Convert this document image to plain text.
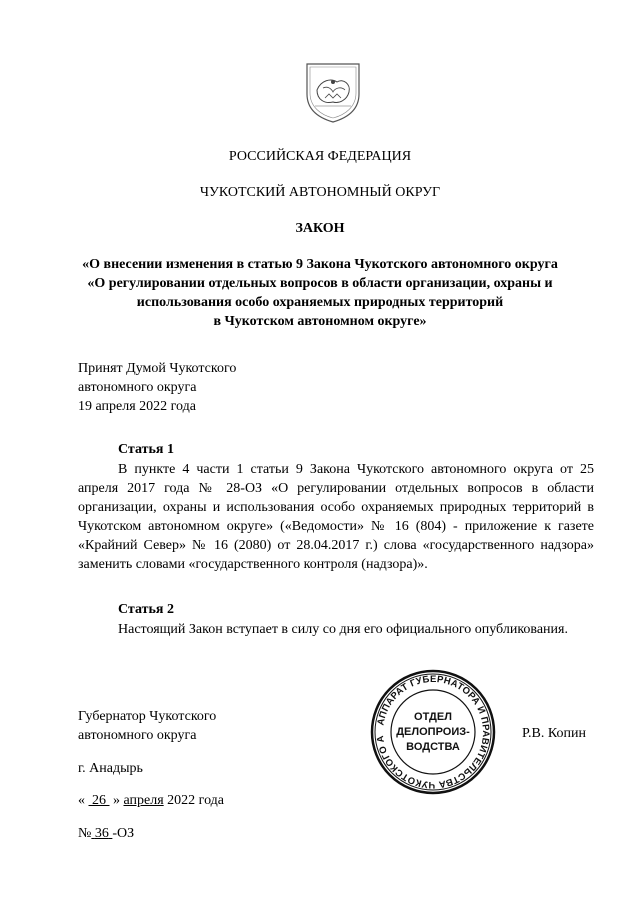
РОССИЙСКАЯ ФЕДЕРАЦИЯ
ЧУКОТСКИЙ АВТОНОМНЫЙ ОКРУГ
ЗАКОН
«О внесении изменения в статью 9 Закона Чукотского автономного округа
«О регулировании отдельных вопросов в области организации, охраны и
использования особо охраняемых природных территорий
в Чукотском автономном округе»
Принят Думой Чукотского
автономного округа
19 апреля 2022 года
Статья 1
В пункте 4 части 1 статьи 9 Закона Чукотского автономного округа от 25 апреля 2017 года № 28-ОЗ «О регулировании отдельных вопросов в области организации, охраны и использования особо охраняемых природных территорий в Чукотском автономном округе» («Ведомости» № 16 (804) - приложение к газете «Крайний Север» № 16 (2080) от 28.04.2017 г.) слова «государственного надзора» заменить словами «государственного контроля (надзора)».
Статья 2
Настоящий Закон вступает в силу со дня его официального опубликования.
Губернатор Чукотского
автономного округа	Р.В. Копин
АППАРАТ ГУБЕРНАТОРА И ПРАВИТЕЛЬСТВА ЧУКОТСКОГО А
ОТДЕЛ
ДЕЛОПРОИЗ-
ВОДСТВА
г. Анадырь
« 26 » апреля 2022 года
№ 36 -ОЗ
